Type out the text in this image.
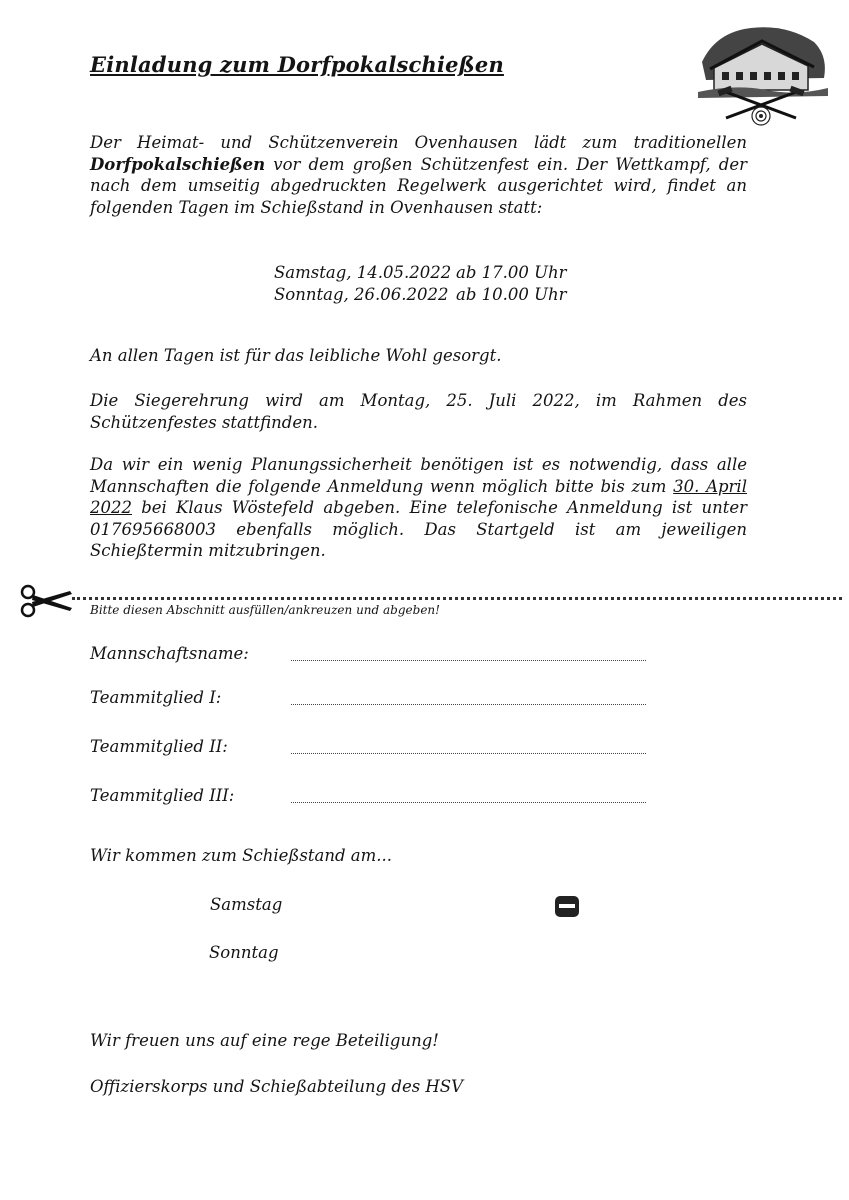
Einladung zum Dorfpokalschießen
Der Heimat- und Schützenverein Ovenhausen lädt zum traditionellen Dorfpokalschießen vor dem großen Schützenfest ein. Der Wettkampf, der nach dem umseitig abgedruckten Regelwerk ausgerichtet wird, findet an folgenden Tagen im Schießstand in Ovenhausen statt:
Samstag, 14.05.2022 ab 17.00 Uhr
Sonntag, 26.06.2022 ab 10.00 Uhr
An allen Tagen ist für das leibliche Wohl gesorgt.
Die Siegerehrung wird am Montag, 25. Juli 2022, im Rahmen des Schützenfestes stattfinden.
Da wir ein wenig Planungssicherheit benötigen ist es notwendig, dass alle Mannschaften die folgende Anmeldung wenn möglich bitte bis zum 30. April 2022 bei Klaus Wöstefeld abgeben. Eine telefonische Anmeldung ist unter 017695668003 ebenfalls möglich. Das Startgeld ist am jeweiligen Schießtermin mitzubringen.
Bitte diesen Abschnitt ausfüllen/ankreuzen und abgeben!
Mannschaftsname:
Teammitglied I:
Teammitglied II:
Teammitglied III:
Wir kommen zum Schießstand am...
Samstag
Sonntag
Wir freuen uns auf eine rege Beteiligung!
Offizierskorps und Schießabteilung des HSV
